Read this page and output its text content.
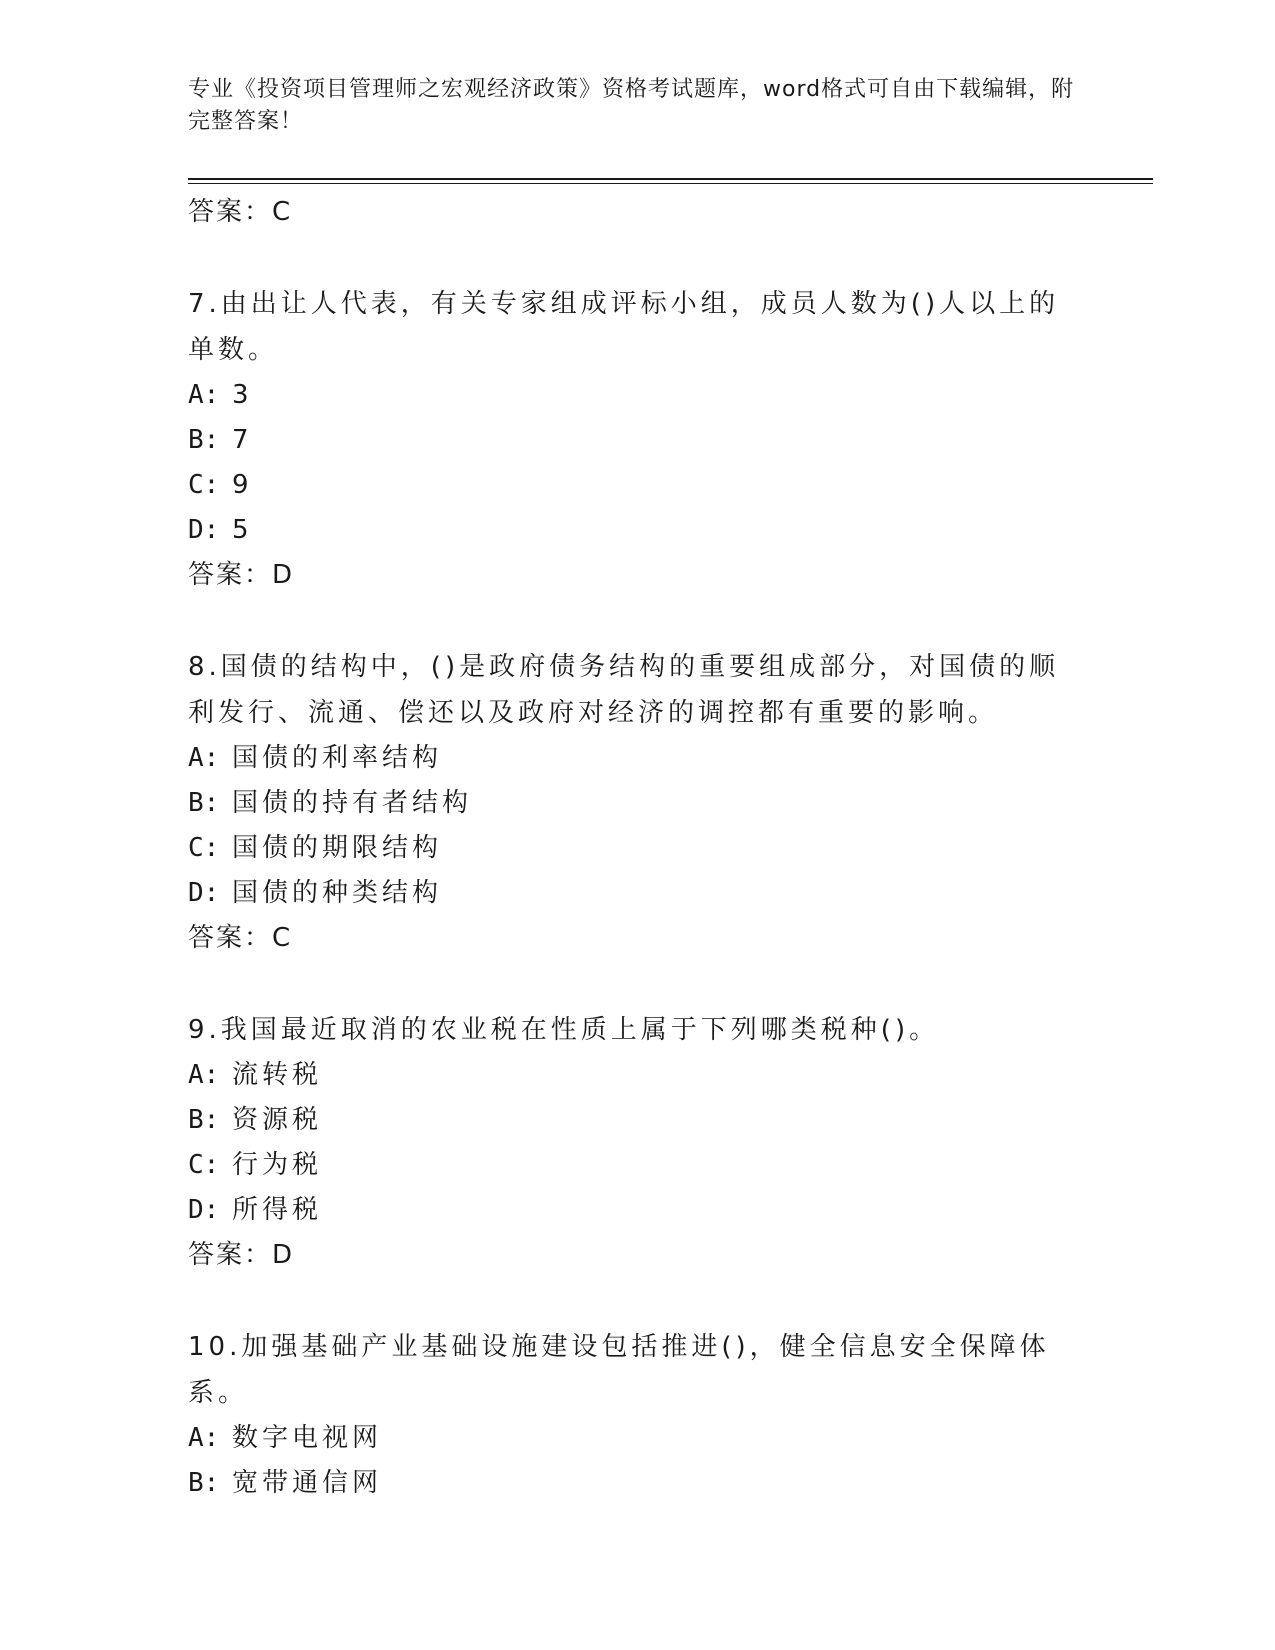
专业《投资项目管理师之宏观经济政策》资格考试题库，word格式可自由下载编辑，附完整答案！
答案：C
7.由出让人代表，有关专家组成评标小组，成员人数为()人以上的单数。
A: 3
B: 7
C: 9
D: 5
答案：D
8.国债的结构中，()是政府债务结构的重要组成部分，对国债的顺利发行、流通、偿还以及政府对经济的调控都有重要的影响。
A: 国债的利率结构
B: 国债的持有者结构
C: 国债的期限结构
D: 国债的种类结构
答案：C
9.我国最近取消的农业税在性质上属于下列哪类税种()。
A: 流转税
B: 资源税
C: 行为税
D: 所得税
答案：D
10.加强基础产业基础设施建设包括推进()，健全信息安全保障体系。
A: 数字电视网
B: 宽带通信网
